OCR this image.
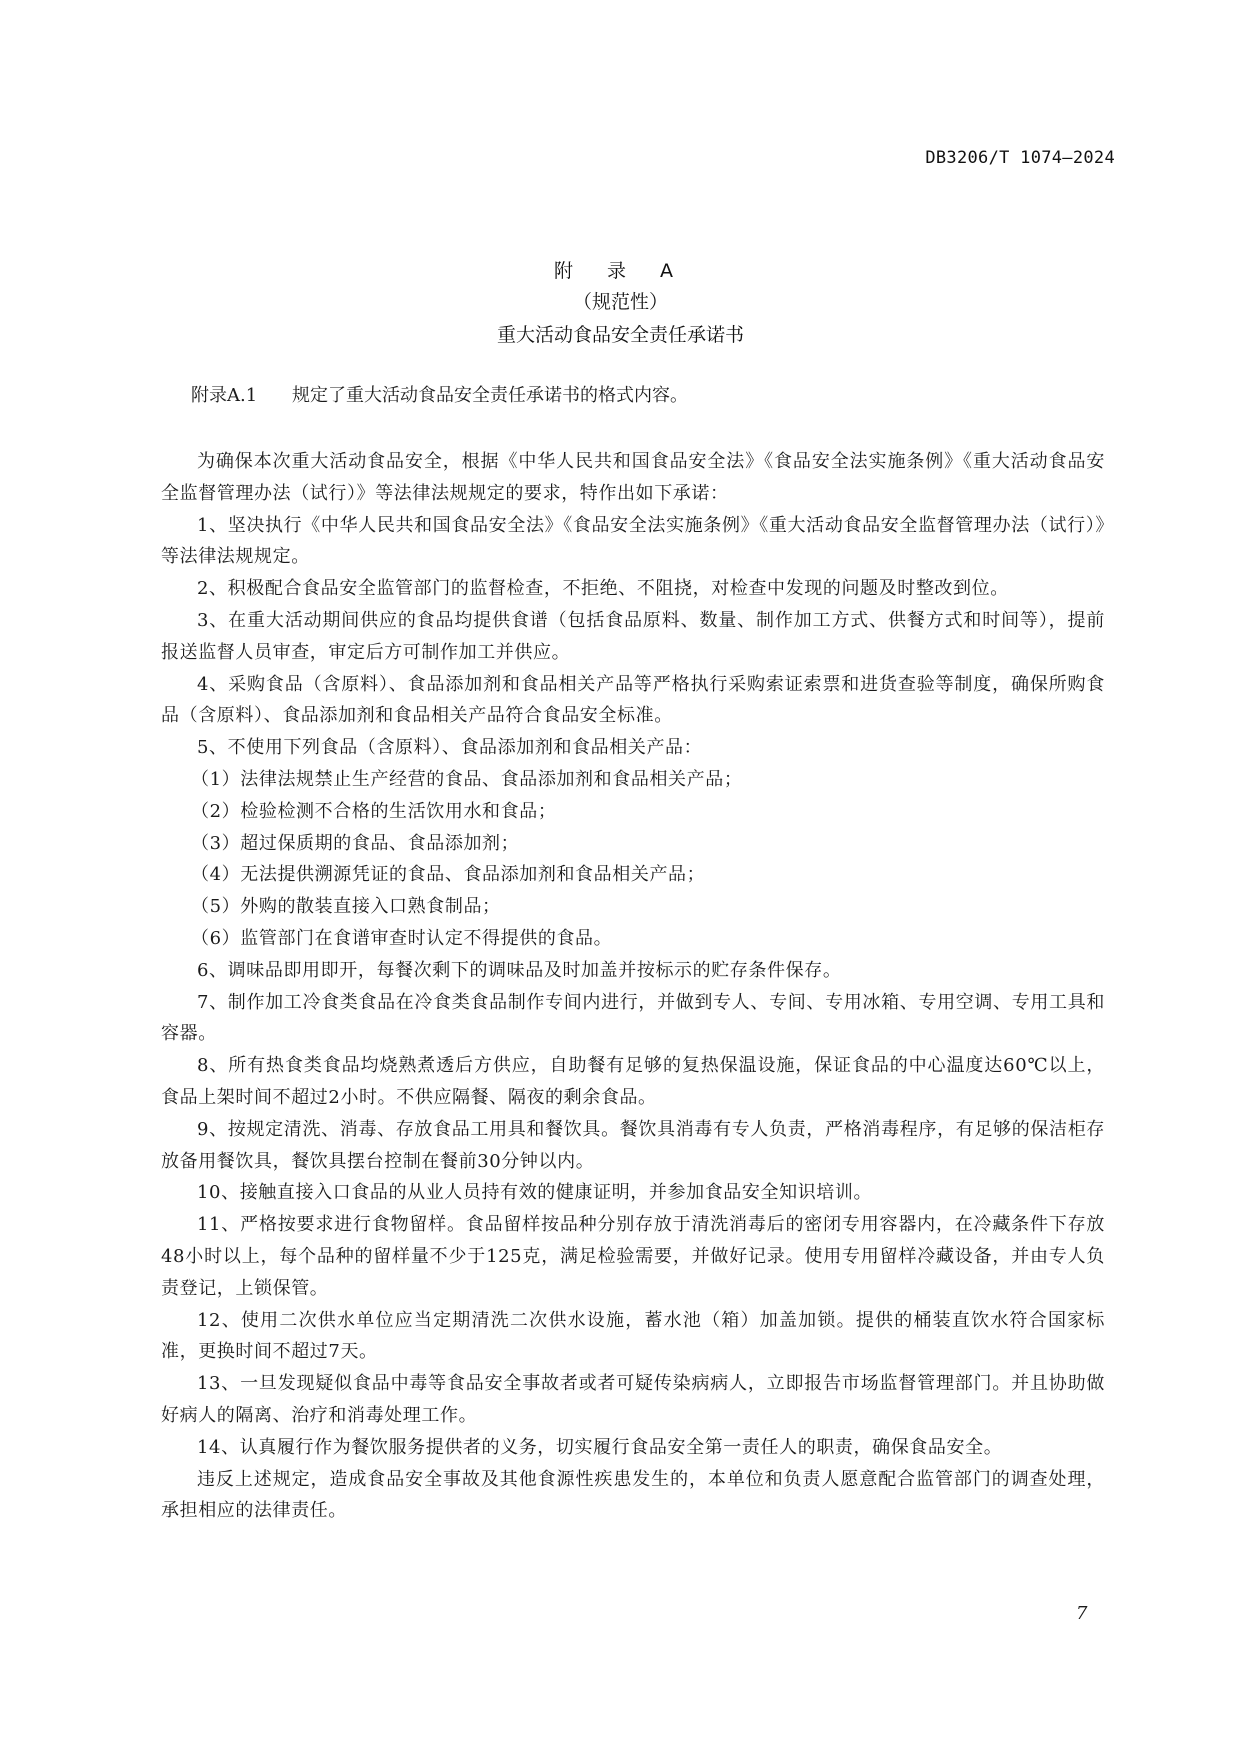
DB3206/T 1074—2024
附 录 A
（规范性）
重大活动食品安全责任承诺书
附录A.1 规定了重大活动食品安全责任承诺书的格式内容。

为确保本次重大活动食品安全，根据《中华人民共和国食品安全法》《食品安全法实施条例》《重大活动食品安全监督管理办法（试行）》等法律法规规定的要求，特作出如下承诺：

1、坚决执行《中华人民共和国食品安全法》《食品安全法实施条例》《重大活动食品安全监督管理办法（试行）》等法律法规规定。

2、积极配合食品安全监管部门的监督检查，不拒绝、不阻挠，对检查中发现的问题及时整改到位。

3、在重大活动期间供应的食品均提供食谱（包括食品原料、数量、制作加工方式、供餐方式和时间等），提前报送监督人员审查，审定后方可制作加工并供应。

4、采购食品（含原料）、食品添加剂和食品相关产品等严格执行采购索证索票和进货查验等制度，确保所购食品（含原料）、食品添加剂和食品相关产品符合食品安全标准。

5、不使用下列食品（含原料）、食品添加剂和食品相关产品：

（1）法律法规禁止生产经营的食品、食品添加剂和食品相关产品；

（2）检验检测不合格的生活饮用水和食品；

（3）超过保质期的食品、食品添加剂；

（4）无法提供溯源凭证的食品、食品添加剂和食品相关产品；

（5）外购的散装直接入口熟食制品；

（6）监管部门在食谱审查时认定不得提供的食品。

6、调味品即用即开，每餐次剩下的调味品及时加盖并按标示的贮存条件保存。

7、制作加工冷食类食品在冷食类食品制作专间内进行，并做到专人、专间、专用冰箱、专用空调、专用工具和容器。

8、所有热食类食品均烧熟煮透后方供应，自助餐有足够的复热保温设施，保证食品的中心温度达60℃以上，食品上架时间不超过2小时。不供应隔餐、隔夜的剩余食品。

9、按规定清洗、消毒、存放食品工用具和餐饮具。餐饮具消毒有专人负责，严格消毒程序，有足够的保洁柜存放备用餐饮具，餐饮具摆台控制在餐前30分钟以内。

10、接触直接入口食品的从业人员持有效的健康证明，并参加食品安全知识培训。

11、严格按要求进行食物留样。食品留样按品种分别存放于清洗消毒后的密闭专用容器内，在冷藏条件下存放48小时以上，每个品种的留样量不少于125克，满足检验需要，并做好记录。使用专用留样冷藏设备，并由专人负责登记，上锁保管。

12、使用二次供水单位应当定期清洗二次供水设施，蓄水池（箱）加盖加锁。提供的桶装直饮水符合国家标准，更换时间不超过7天。

13、一旦发现疑似食品中毒等食品安全事故者或者可疑传染病病人，立即报告市场监督管理部门。并且协助做好病人的隔离、治疗和消毒处理工作。

14、认真履行作为餐饮服务提供者的义务，切实履行食品安全第一责任人的职责，确保食品安全。

违反上述规定，造成食品安全事故及其他食源性疾患发生的，本单位和负责人愿意配合监管部门的调查处理，承担相应的法律责任。

7
